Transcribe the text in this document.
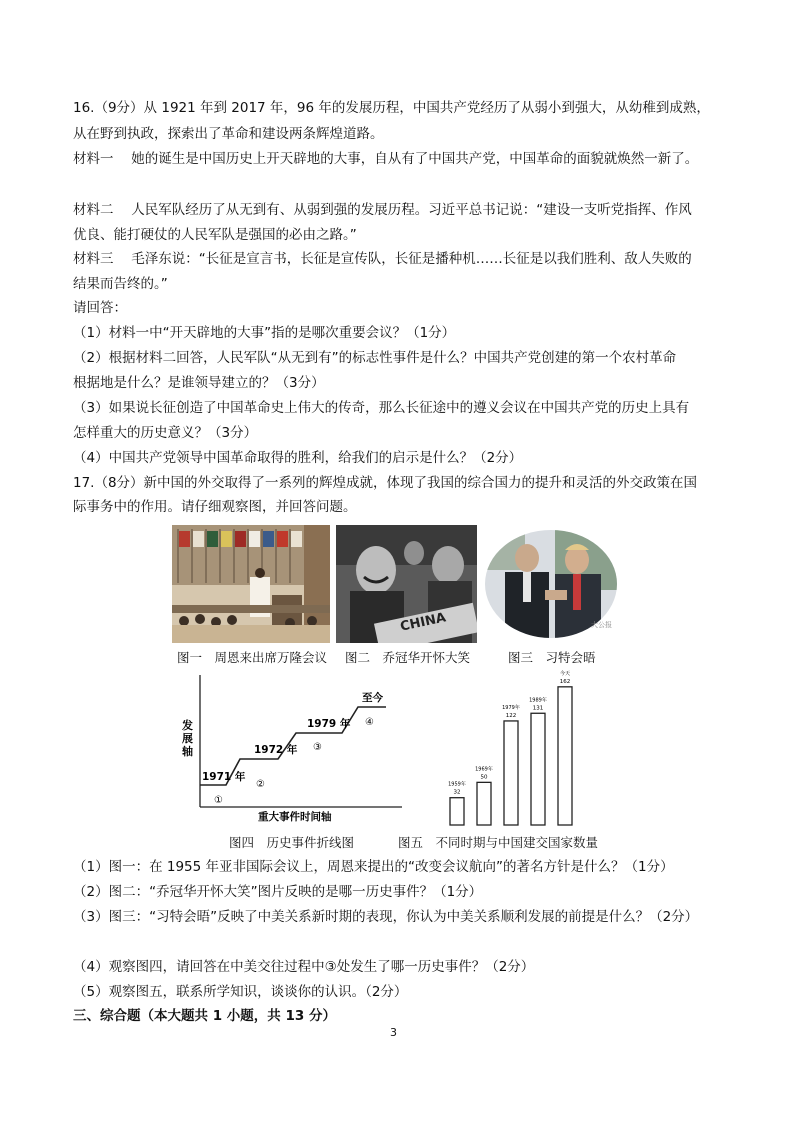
16.（9分）从 1921 年到 2017 年，96 年的发展历程，中国共产党经历了从弱小到强大，从幼稚到成熟，
从在野到执政，探索出了革命和建设两条辉煌道路。
材料一　 她的诞生是中国历史上开天辟地的大事，自从有了中国共产党，中国革命的面貌就焕然一新了。
材料二　 人民军队经历了从无到有、从弱到强的发展历程。习近平总书记说：“建设一支听党指挥、作风
优良、能打硬仗的人民军队是强国的必由之路。”
材料三　 毛泽东说：“长征是宣言书，长征是宣传队，长征是播种机……长征是以我们胜利、敌人失败的
结果而告终的。”
请回答：
（1）材料一中“开天辟地的大事”指的是哪次重要会议？（1分）
（2）根据材料二回答，人民军队“从无到有”的标志性事件是什么？中国共产党创建的第一个农村革命
根据地是什么？是谁领导建立的？（3分）
（3）如果说长征创造了中国革命史上伟大的传奇，那么长征途中的遵义会议在中国共产党的历史上具有
怎样重大的历史意义？（3分）
（4）中国共产党领导中国革命取得的胜利，给我们的启示是什么？（2分）
17.（8分）新中国的外交取得了一系列的辉煌成就，体现了我国的综合国力的提升和灵活的外交政策在国
际事务中的作用。请仔细观察图，并回答问题。
图一　周恩来出席万隆会议
CHINA
图二　乔冠华开怀大笑
大公报
图三　习特会晤
发
展
轴
1971 年
①
1972 年
②
1979 年
③
至今
④
重大事件时间轴
图四　历史事件折线图
1959年
32
1969年
50
1979年
122
1989年
131
今天
162
图五　不同时期与中国建交国家数量
（1）图一：在 1955 年亚非国际会议上，周恩来提出的“改变会议航向”的著名方针是什么？（1分）
（2）图二：“乔冠华开怀大笑”图片反映的是哪一历史事件？（1分）
（3）图三：“习特会晤”反映了中美关系新时期的表现，你认为中美关系顺利发展的前提是什么？（2分）
（4）观察图四，请回答在中美交往过程中③处发生了哪一历史事件？（2分）
（5）观察图五，联系所学知识，谈谈你的认识。（2分）
三、综合题（本大题共 1 小题，共 13 分）
3
